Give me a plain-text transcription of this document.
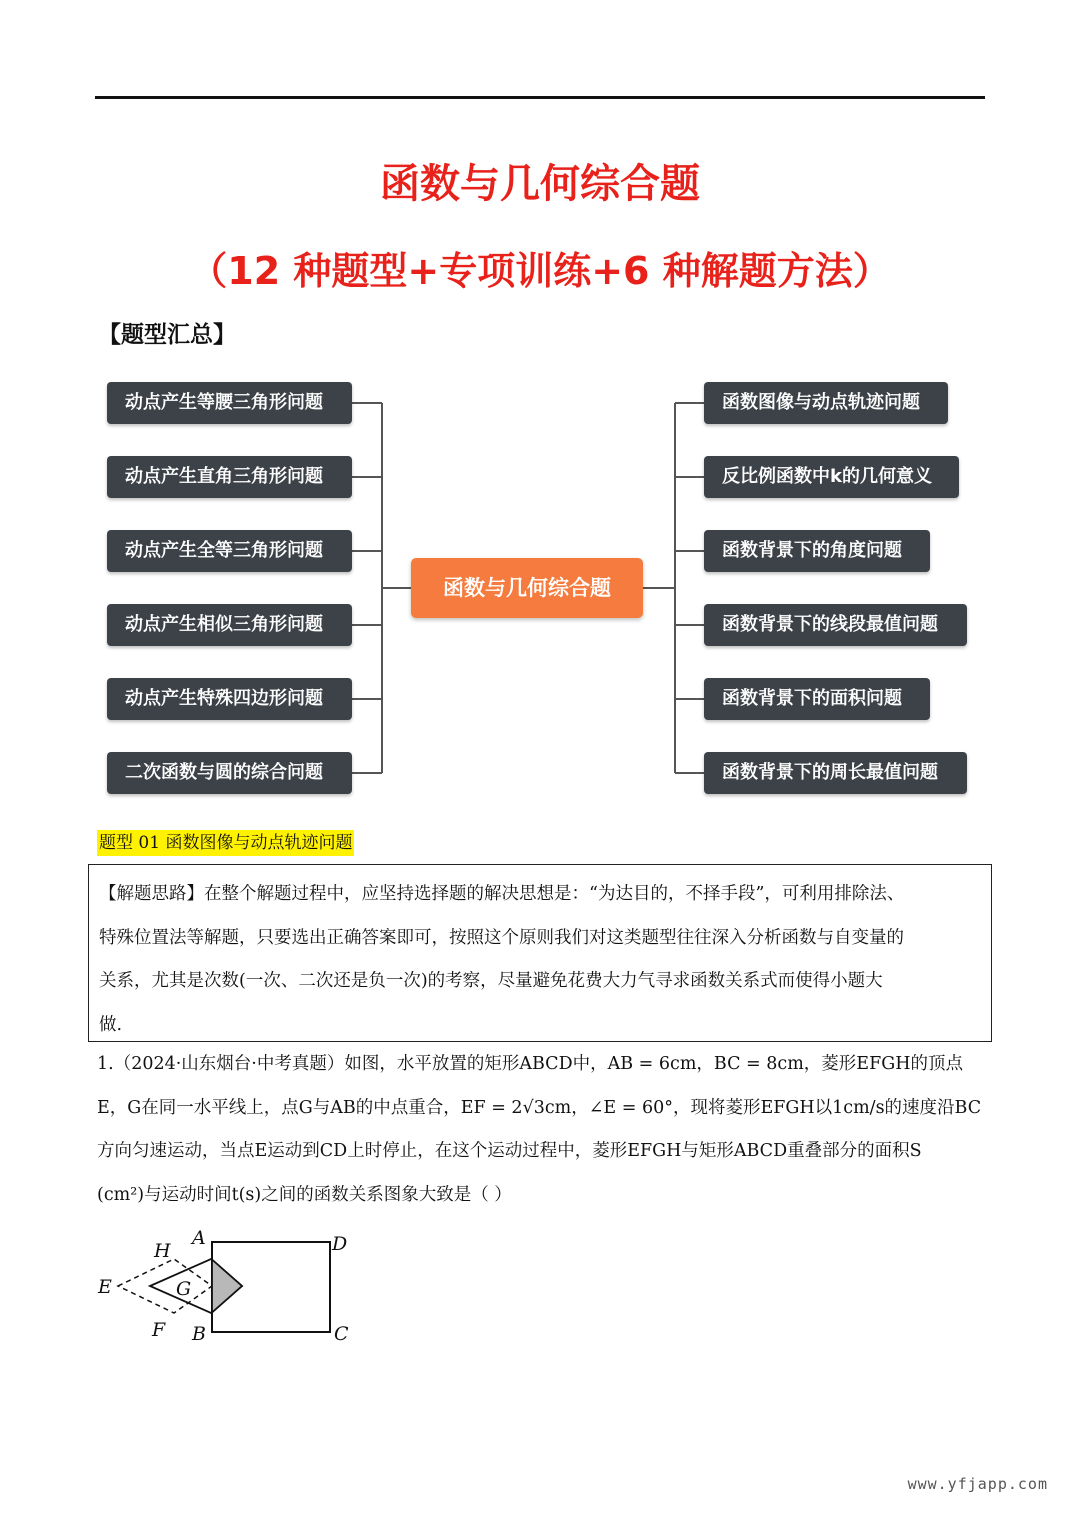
函数与几何综合题
（12 种题型+专项训练+6 种解题方法）
【题型汇总】
动点产生等腰三角形问题
动点产生直角三角形问题
动点产生全等三角形问题
动点产生相似三角形问题
动点产生特殊四边形问题
二次函数与圆的综合问题
函数与几何综合题
函数图像与动点轨迹问题
反比例函数中k的几何意义
函数背景下的角度问题
函数背景下的线段最值问题
函数背景下的面积问题
函数背景下的周长最值问题
题型 01 函数图像与动点轨迹问题
【解题思路】在整个解题过程中，应坚持选择题的解决思想是：“为达目的，不择手段”，可利用排除法、
特殊位置法等解题，只要选出正确答案即可，按照这个原则我们对这类题型往往深入分析函数与自变量的
关系，尤其是次数(一次、二次还是负一次)的考察，尽量避免花费大力气寻求函数关系式而使得小题大
做.
1.（2024·山东烟台·中考真题）如图，水平放置的矩形ABCD中，AB = 6cm，BC = 8cm，菱形EFGH的顶点
E，G在同一水平线上，点G与AB的中点重合，EF = 2√3cm，∠E = 60°，现将菱形EFGH以1cm/s的速度沿BC
方向匀速运动，当点E运动到CD上时停止，在这个运动过程中，菱形EFGH与矩形ABCD重叠部分的面积S
(cm²)与运动时间t(s)之间的函数关系图象大致是（ ）
A	D
C
B
H
E
F
G
www.yfjapp.com
